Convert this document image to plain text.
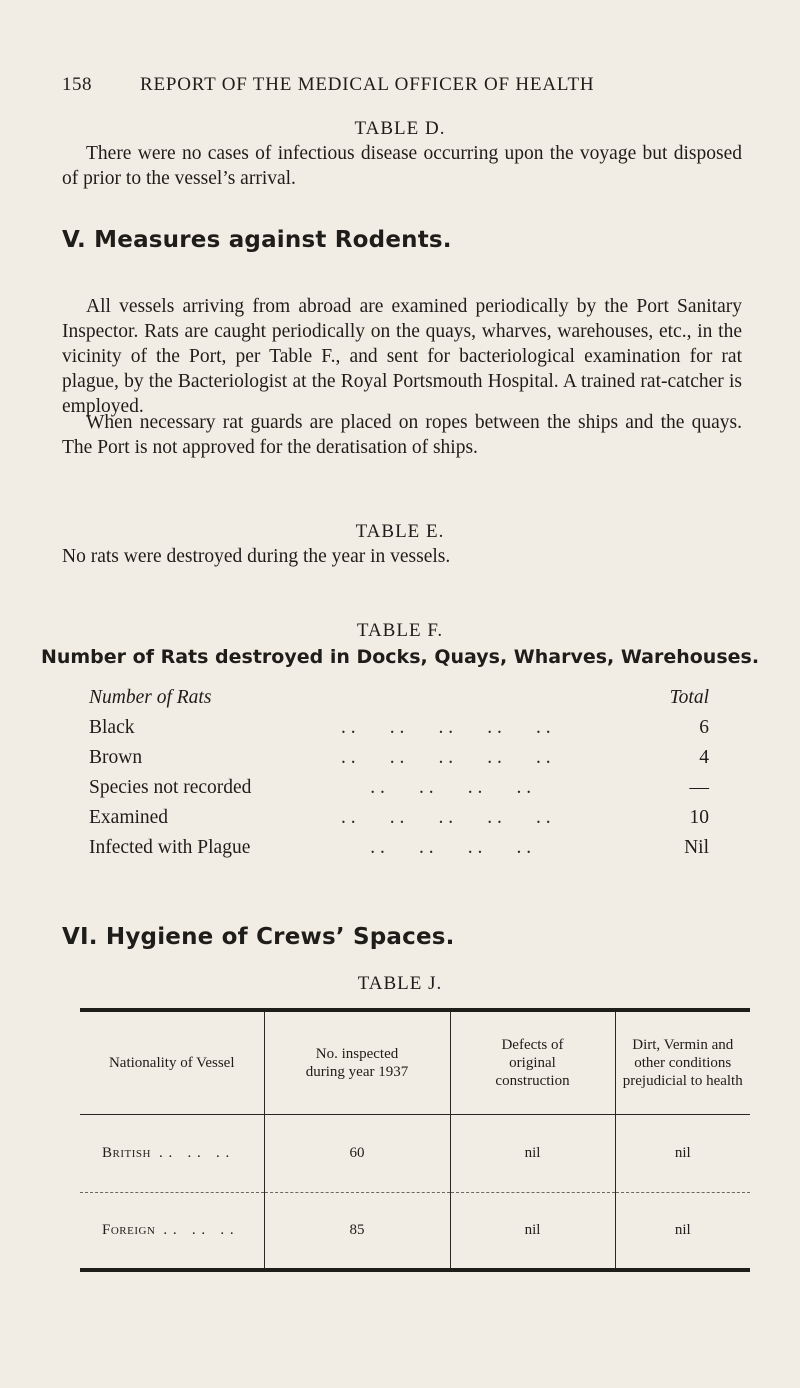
158	REPORT OF THE MEDICAL OFFICER OF HEALTH
TABLE D.
There were no cases of infectious disease occurring upon the voyage but disposed of prior to the vessel’s arrival.
V. Measures against Rodents.
All vessels arriving from abroad are examined periodically by the Port Sanitary Inspector. Rats are caught periodically on the quays, wharves, warehouses, etc., in the vicinity of the Port, per Table F., and sent for bacteriological examination for rat plague, by the Bacteriologist at the Royal Portsmouth Hospital. A trained rat-catcher is employed.
When necessary rat guards are placed on ropes between the ships and the quays. The Port is not approved for the deratisation of ships.
TABLE E.
No rats were destroyed during the year in vessels.
TABLE F.
Number of Rats destroyed in Docks, Quays, Wharves, Warehouses.
Number of Rats	Total
Black	. .       . .       . .       . .       . .	6
Brown	. .       . .       . .       . .       . .	4
Species not recorded	. .       . .       . .       . .	—
Examined	. .       . .       . .       . .       . .	10
Infected with Plague	. .       . .       . .       . .	Nil
VI. Hygiene of Crews’ Spaces.
TABLE J.
Nationality of Vessel	No. inspected during year 1937	Defects of original construction	Dirt, Vermin and other conditions prejudicial to health
British . .   . .   . .	60	nil	nil
Foreign . .   . .   . .	85	nil	nil
